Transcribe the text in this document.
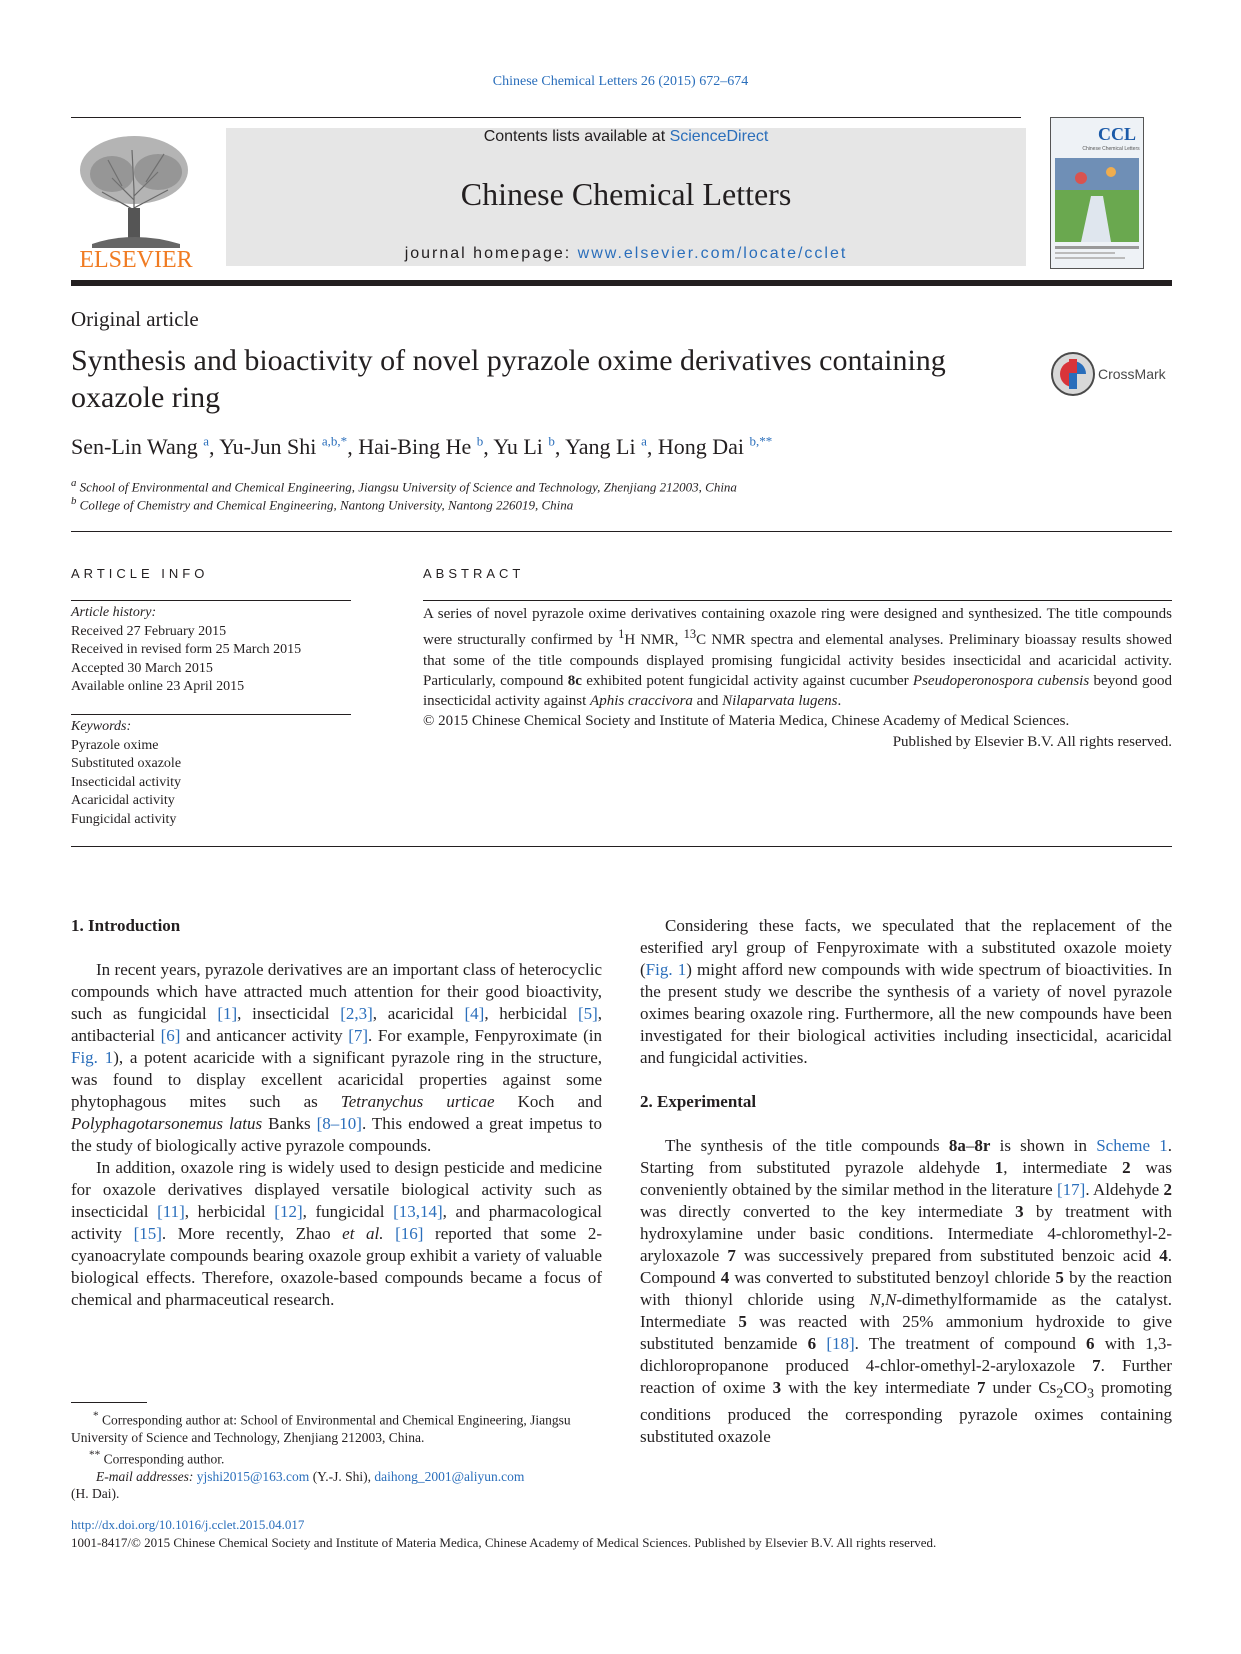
Chinese Chemical Letters 26 (2015) 672–674
ELSEVIER
Contents lists available at ScienceDirect
Chinese Chemical Letters
journal homepage: www.elsevier.com/locate/cclet
CCL
Chinese Chemical Letters
Original article
Synthesis and bioactivity of novel pyrazole oxime derivatives containing oxazole ring
CrossMark
Sen-Lin Wang $^a$, Yu-Jun Shi $^{a,b,*}$, Hai-Bing He $^b$, Yu Li $^b$, Yang Li $^a$, Hong Dai $^{b,**}$
$^a$ School of Environmental and Chemical Engineering, Jiangsu University of Science and Technology, Zhenjiang 212003, China
$^b$ College of Chemistry and Chemical Engineering, Nantong University, Nantong 226019, China
ARTICLE INFO
Article history:
Received 27 February 2015
Received in revised form 25 March 2015
Accepted 30 March 2015
Available online 23 April 2015
Keywords:
Pyrazole oxime
Substituted oxazole
Insecticidal activity
Acaricidal activity
Fungicidal activity
ABSTRACT
A series of novel pyrazole oxime derivatives containing oxazole ring were designed and synthesized. The title compounds were structurally confirmed by $^1$H NMR, $^{13}$C NMR spectra and elemental analyses. Preliminary bioassay results showed that some of the title compounds displayed promising fungicidal activity besides insecticidal and acaricidal activity. Particularly, compound 8c exhibited potent fungicidal activity against cucumber Pseudoperonospora cubensis beyond good insecticidal activity against Aphis craccivora and Nilaparvata lugens.
© 2015 Chinese Chemical Society and Institute of Materia Medica, Chinese Academy of Medical Sciences.
Published by Elsevier B.V. All rights reserved.
1. Introduction

In recent years, pyrazole derivatives are an important class of heterocyclic compounds which have attracted much attention for their good bioactivity, such as fungicidal [1], insecticidal [2,3], acaricidal [4], herbicidal [5], antibacterial [6] and anticancer activity [7]. For example, Fenpyroximate (in Fig. 1), a potent acaricide with a significant pyrazole ring in the structure, was found to display excellent acaricidal properties against some phytophagous mites such as Tetranychus urticae Koch and Polyphagotarsonemus latus Banks [8–10]. This endowed a great impetus to the study of biologically active pyrazole compounds.

In addition, oxazole ring is widely used to design pesticide and medicine for oxazole derivatives displayed versatile biological activity such as insecticidal [11], herbicidal [12], fungicidal [13,14], and pharmacological activity [15]. More recently, Zhao et al. [16] reported that some 2-cyanoacrylate compounds bearing oxazole group exhibit a variety of valuable biological effects. Therefore, oxazole-based compounds became a focus of chemical and pharmaceutical research.

Considering these facts, we speculated that the replacement of the esterified aryl group of Fenpyroximate with a substituted oxazole moiety (Fig. 1) might afford new compounds with wide spectrum of bioactivities. In the present study we describe the synthesis of a variety of novel pyrazole oximes bearing oxazole ring. Furthermore, all the new compounds have been investigated for their biological activities including insecticidal, acaricidal and fungicidal activities.

2. Experimental

The synthesis of the title compounds 8a–8r is shown in Scheme 1. Starting from substituted pyrazole aldehyde 1, intermediate 2 was conveniently obtained by the similar method in the literature [17]. Aldehyde 2 was directly converted to the key intermediate 3 by treatment with hydroxylamine under basic conditions. Intermediate 4-chloromethyl-2-aryloxazole 7 was successively prepared from substituted benzoic acid 4. Compound 4 was converted to substituted benzoyl chloride 5 by the reaction with thionyl chloride using N,N-dimethylformamide as the catalyst. Intermediate 5 was reacted with 25% ammonium hydroxide to give substituted benzamide 6 [18]. The treatment of compound 6 with 1,3-dichloropropanone produced 4-chlor-omethyl-2-aryloxazole 7. Further reaction of oxime 3 with the key intermediate 7 under $Cs_2CO_3$ promoting conditions produced the corresponding pyrazole oximes containing substituted oxazole

* Corresponding author at: School of Environmental and Chemical Engineering, Jiangsu University of Science and Technology, Zhenjiang 212003, China.
** Corresponding author.
E-mail addresses: yjshi2015@163.com (Y.-J. Shi), daihong_2001@aliyun.com
(H. Dai).
http://dx.doi.org/10.1016/j.cclet.2015.04.017
1001-8417/© 2015 Chinese Chemical Society and Institute of Materia Medica, Chinese Academy of Medical Sciences. Published by Elsevier B.V. All rights reserved.
